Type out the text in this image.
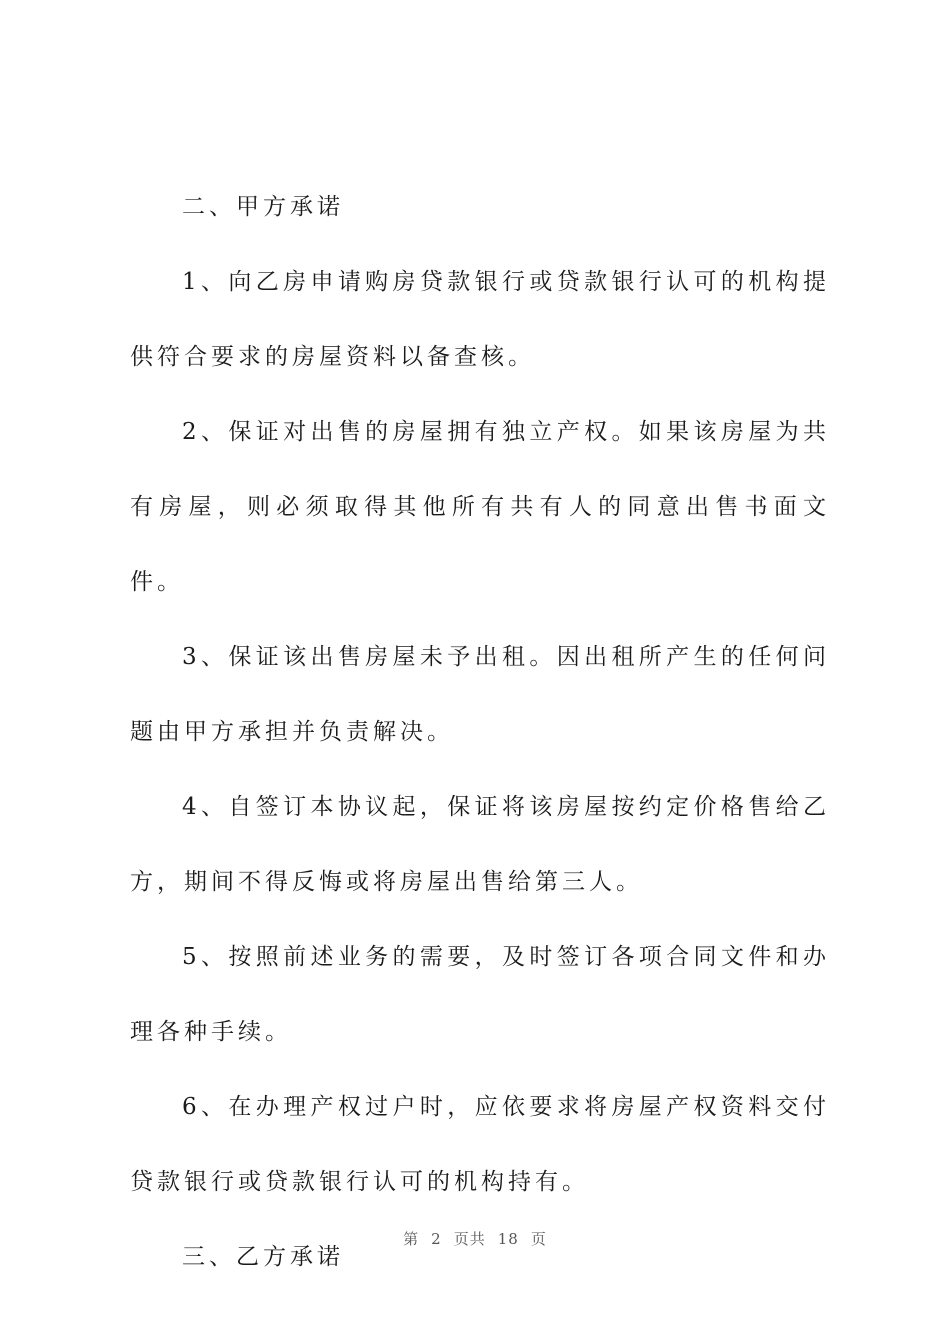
二、甲方承诺

1、向乙房申请购房贷款银行或贷款银行认可的机构提供符合要求的房屋资料以备查核。

2、保证对出售的房屋拥有独立产权。如果该房屋为共有房屋，则必须取得其他所有共有人的同意出售书面文件。

3、保证该出售房屋未予出租。因出租所产生的任何问题由甲方承担并负责解决。

4、自签订本协议起，保证将该房屋按约定价格售给乙方，期间不得反悔或将房屋出售给第三人。

5、按照前述业务的需要，及时签订各项合同文件和办理各种手续。

6、在办理产权过户时，应依要求将房屋产权资料交付贷款银行或贷款银行认可的机构持有。

三、乙方承诺

第 2 页共 18 页
